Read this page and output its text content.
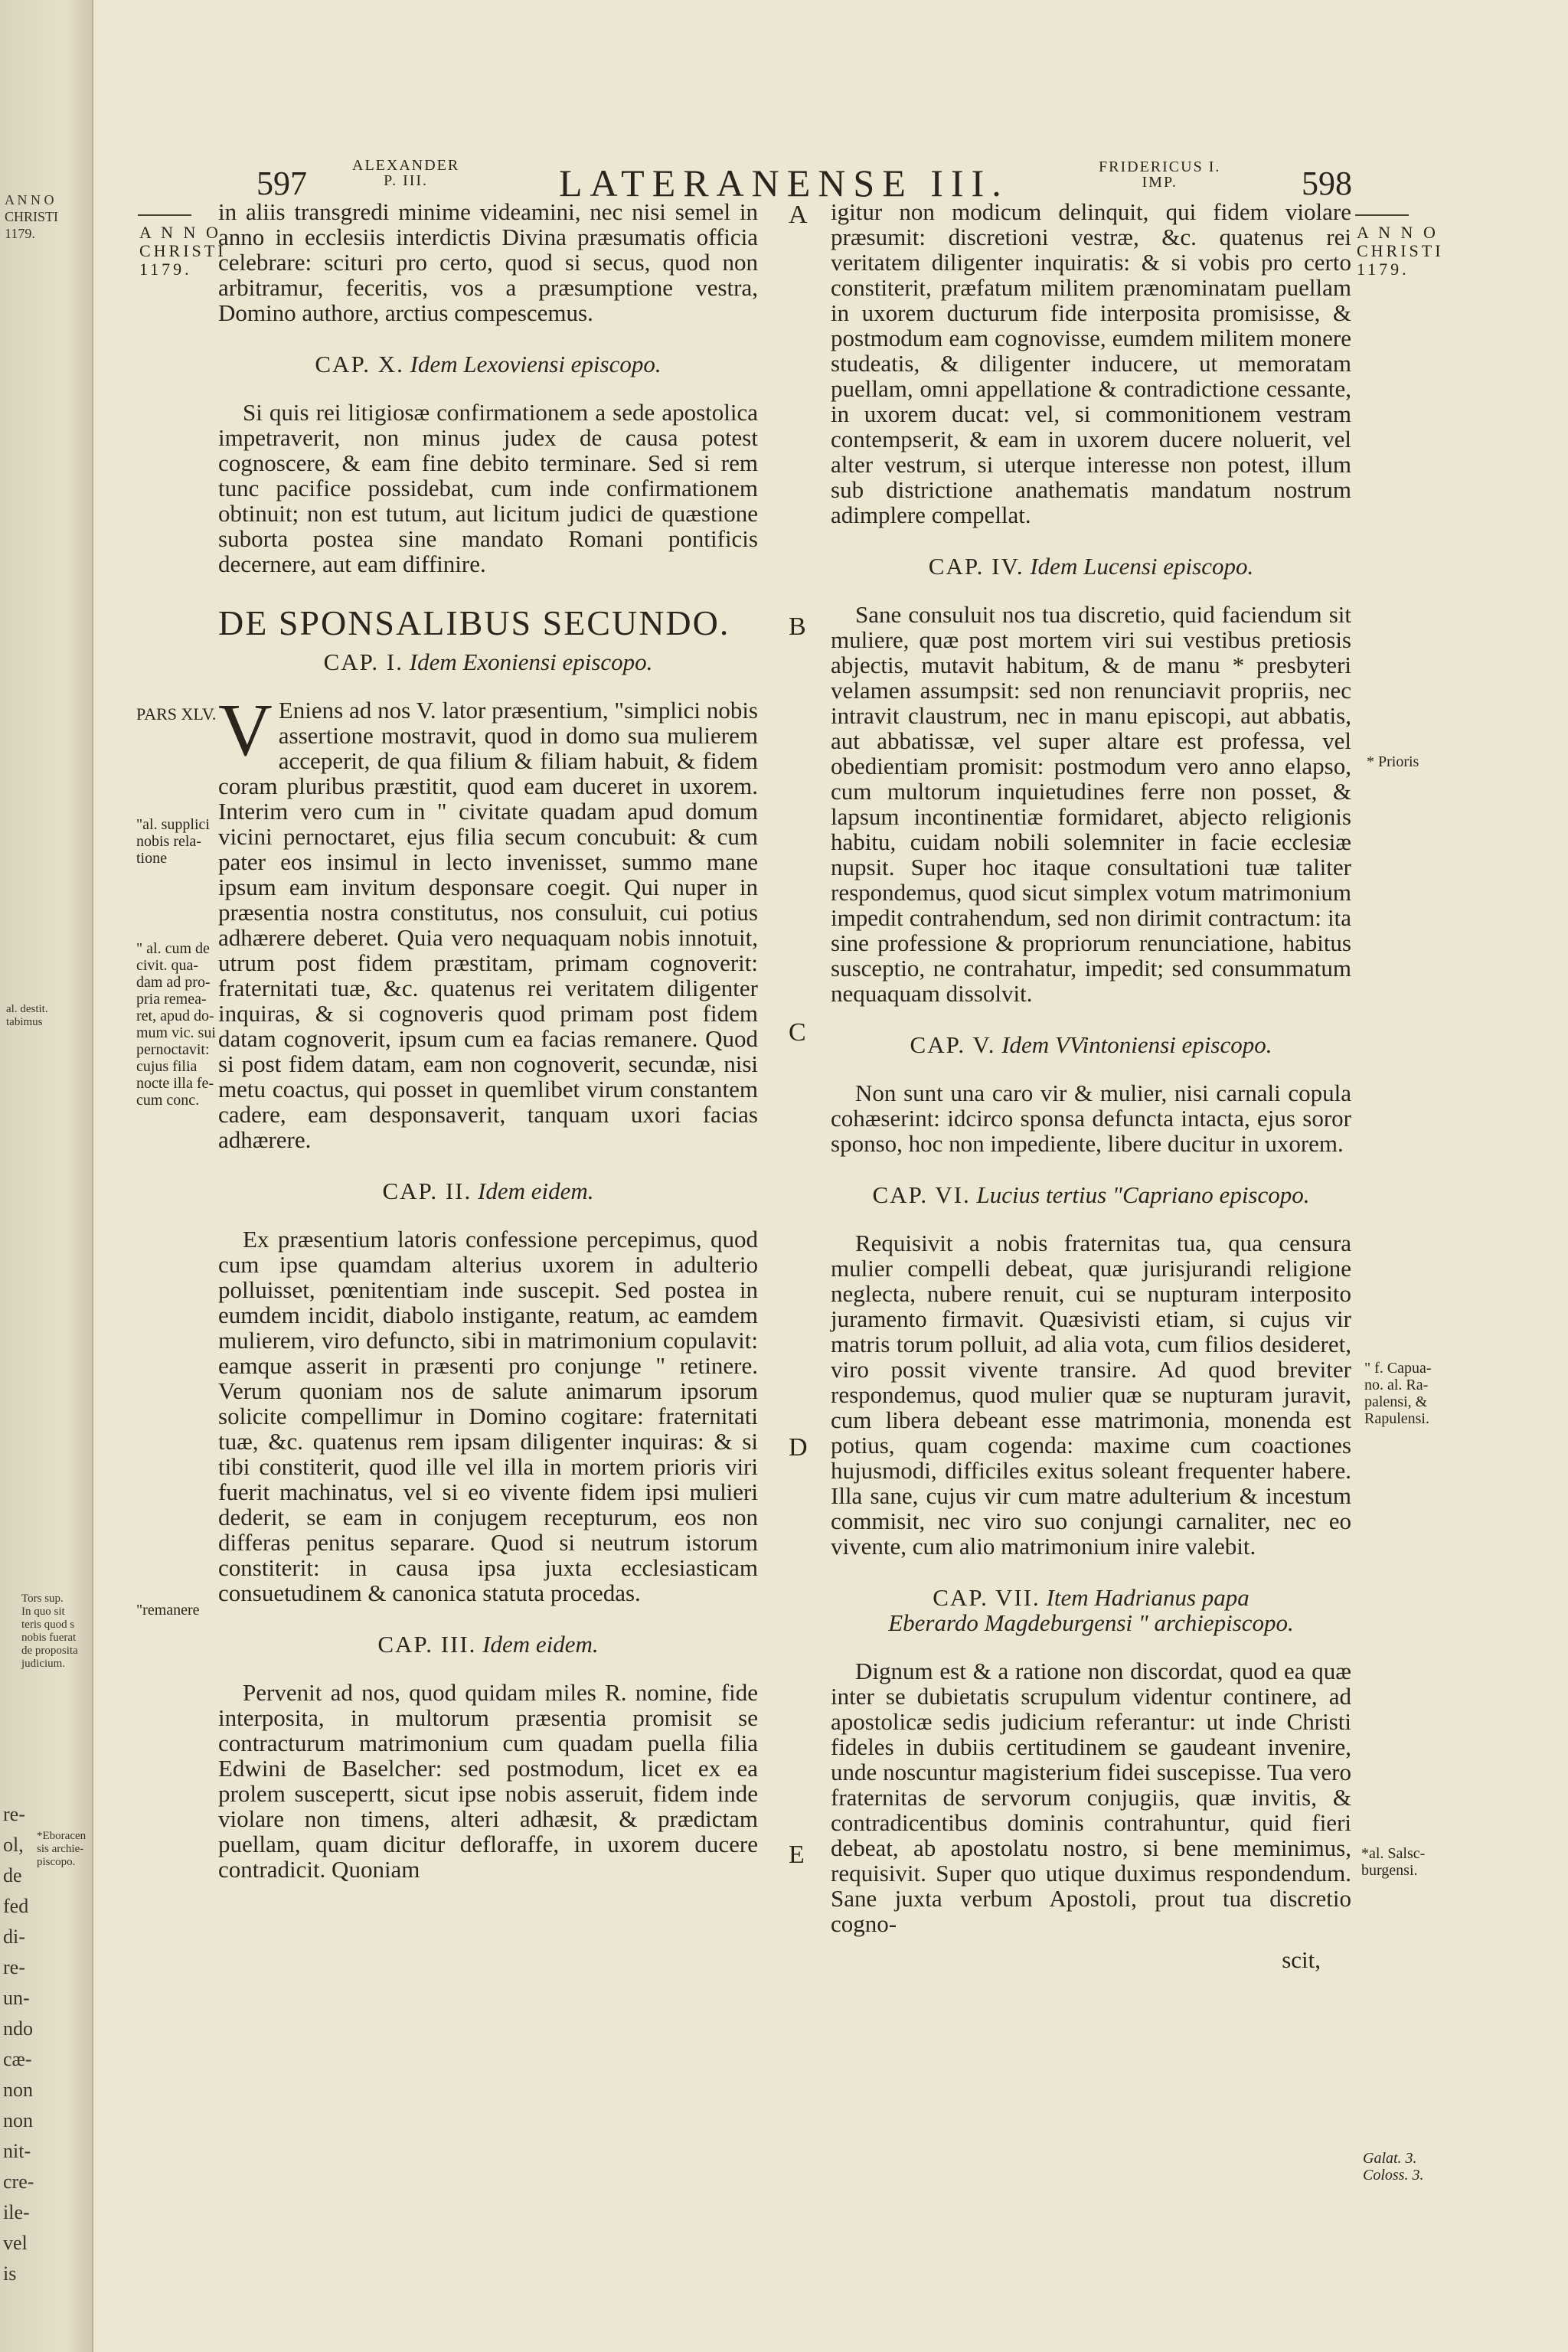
A N N O
CHRISTI
1179.
al. destit.
tabimus
Tors sup.
In quo sit
teris quod s
nobis fuerat
de proposita
judicium.
*Eboracen
sis archie-
piscopo.
re-
ol,
de
fed
di-
re-
un-
ndo
cæ-
non
non
nit-
cre-
ile-
vel
is
597	ALEXANDER
P. III.	LATERANENSE III.	FRIDERICUS I.
IMP.	598
A N N O
CHRISTI
1179.
A N N O
CHRISTI
1179.
PARS XLV.
"al. supplici
nobis rela-
tione
" al. cum de
civit. qua-
dam ad pro-
pria remea-
ret, apud do-
mum vic. sui
pernoctavit:
cujus filia
nocte illa fe-
cum conc.
"remanere
* Prioris
" f. Capua-
no. al. Ra-
palensi, &
Rapulensi.
*al. Salsc-
burgensi.
Galat. 3.
Coloss. 3.
A
B
C
D
E

in aliis transgredi minime videamini, nec nisi semel in anno in ecclesiis interdictis Divina præsumatis officia celebrare: sciturі pro certo, quod si secus, quod non arbitramur, feceritis, vos a præsumptione vestra, Domino authore, arctius compescemus.

CAP. X. Idem Lexoviensi episcopo.

Si quis rei litigiosæ confirmationem a sede apostolica impetraverit, non minus judex de causa potest cognoscere, & eam fine debito terminare. Sed si rem tunc pacifice possidebat, cum inde confirmationem obtinuit; non est tutum, aut licitum judici de quæstione suborta postea sine mandato Romani pontificis decernere, aut eam diffinire.

DE SPONSALIBUS SECUNDO.
CAP. I. Idem Exoniensi episcopo.

V Eniens ad nos V. lator præsentium, "simplici nobis assertione mostravit, quod in domo sua mulierem acceperit, de qua filium & filiam habuit, & fidem coram pluribus præstitit, quod eam duceret in uxorem. Interim vero cum in " civitate quadam apud domum vicini pernoctaret, ejus filia secum concubuit: & cum pater eos insimul in lecto invenisset, summo mane ipsum eam invitum desponsare coegit. Qui nuper in præsentia nostra constitutus, nos consuluit, cui potius adhærere deberet. Quia vero nequaquam nobis innotuit, utrum post fidem præstitam, primam cognoverit: fraternitati tuæ, &c. quatenus rei veritatem diligenter inquiras, & si cognoveris quod primam post fidem datam cognoverit, ipsum cum ea facias remanere. Quod si post fidem datam, eam non cognoverit, secundæ, nisi metu coactus, qui posset in quemlibet virum constantem cadere, eam desponsaverit, tanquam uxori facias adhærere.

CAP. II. Idem eidem.

Ex præsentium latoris confessione percepimus, quod cum ipse quamdam alterius uxorem in adulterio polluisset, pœnitentiam inde suscepit. Sed postea in eumdem incidit, diabolo instigante, reatum, ac eamdem mulierem, viro defuncto, sibi in matrimonium copulavit: eamque asserit in præsenti pro conjunge " retinere. Verum quoniam nos de salute animarum ipsorum solicite compellimur in Domino cogitare: fraternitati tuæ, &c. quatenus rem ipsam diligenter inquiras: & si tibi constiterit, quod ille vel illa in mortem prioris viri fuerit machinatus, vel si eo vivente fidem ipsi mulieri dederit, se eam in conjugem recepturum, eos non differas penitus separare. Quod si neutrum istorum constiterit: in causa ipsa juxta ecclesiasticam consuetudinem & canonica statuta procedas.

CAP. III. Idem eidem.

Pervenit ad nos, quod quidam miles R. nomine, fide interposita, in multorum præsentia promisit se contracturum matrimonium cum quadam puella filia Edwini de Baselcher: sed postmodum, licet ex ea prolem suscepertt, sicut ipse nobis asseruit, fidem inde violare non timens, alteri adhæsit, & prædictam puellam, quam dicitur defloraffe, in uxorem ducere contradicit. Quoniam

igitur non modicum delinquit, qui fidem violare præsumit: discretioni vestræ, &c. quatenus rei veritatem diligenter inquiratis: & si vobis pro certo constiterit, præfatum militem prænominatam puellam in uxorem ducturum fide interposita promisisse, & postmodum eam cognovisse, eumdem militem monere studeatis, & diligenter inducere, ut memoratam puellam, omni appellatione & contradictione cessante, in uxorem ducat: vel, si commonitionem vestram contempserit, & eam in uxorem ducere noluerit, vel alter vestrum, si uterque interesse non potest, illum sub districtione anathematis mandatum nostrum adimplere compellat.

CAP. IV. Idem Lucensi episcopo.

Sane consuluit nos tua discretio, quid faciendum sit muliere, quæ post mortem viri sui vestibus pretiosis abjectis, mutavit habitum, & de manu * presbyteri velamen assumpsit: sed non renunciavit propriis, nec intravit claustrum, nec in manu episcopi, aut abbatis, aut abbatissæ, vel super altare est professa, vel obedientiam promisit: postmodum vero anno elapso, cum multorum inquietudines ferre non posset, & lapsum incontinentiæ formidaret, abjecto religionis habitu, cuidam nobili solemniter in facie ecclesiæ nupsit. Super hoc itaque consultationi tuæ taliter respondemus, quod sicut simplex votum matrimonium impedit contrahendum, sed non dirimit contractum: ita sine professione & propriorum renunciatione, habitus susceptio, ne contrahatur, impedit; sed consummatum nequaquam dissolvit.

CAP. V. Idem VVintoniensi episcopo.

Non sunt una caro vir & mulier, nisi carnali copula cohæserint: idcirco sponsa defuncta intacta, ejus soror sponso, hoc non impediente, libere ducitur in uxorem.

CAP. VI. Lucius tertius "Capriano episcopo.

Requisivit a nobis fraternitas tua, qua censura mulier compelli debeat, quæ jurisjurandi religione neglecta, nubere renuit, cui se nupturam interposito juramento firmavit. Quæsivisti etiam, si cujus vir matris torum polluit, ad alia vota, cum filios desideret, viro possit vivente transire. Ad quod breviter respondemus, quod mulier quæ se nupturam juravit, cum libera debeant esse matrimonia, monenda est potius, quam cogenda: maxime cum coactiones hujusmodi, difficiles exitus soleant frequenter habere. Illa sane, cujus vir cum matre adulterium & incestum commisit, nec viro suo conjungi carnaliter, nec eo vivente, cum alio matrimonium inire valebit.

CAP. VII. Item Hadrianus papa
Eberardo Magdeburgensi " archiepiscopo.

Dignum est & a ratione non discordat, quod ea quæ inter se dubietatis scrupulum videntur continere, ad apostolicæ sedis judicium referantur: ut inde Christi fideles in dubiis certitudinem se gaudeant invenire, unde noscuntur magisterium fidei suscepisse. Tua vero fraternitas de servorum conjugiis, quæ invitis, & contradicentibus dominis contrahuntur, quid fieri debeat, ab apostolatu nostro, si bene meminimus, requisivit. Super quo utique duximus respondendum. Sane juxta verbum Apostoli, prout tua discretio cogno-

scit,
